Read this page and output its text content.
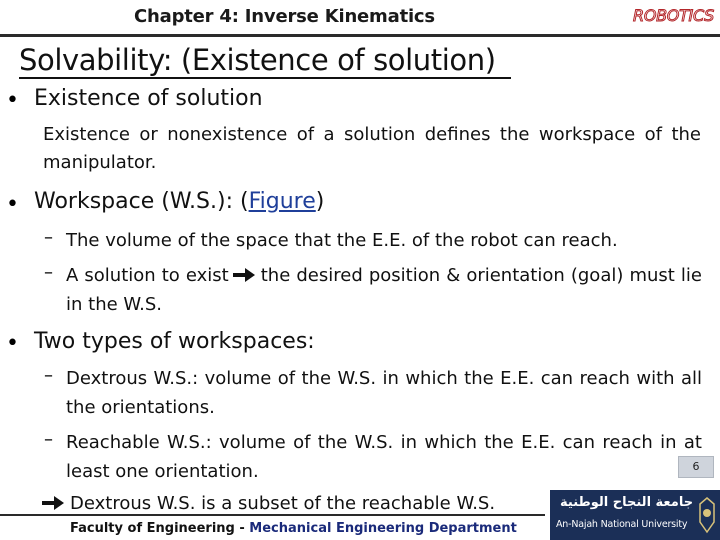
Chapter 4: Inverse Kinematics	ROBOTICS
Solvability: (Existence of solution)
• Existence of solution
Existence or nonexistence of a solution defines the workspace of the manipulator.
• Workspace (W.S.): (Figure)
– The volume of the space that the E.E. of the robot can reach.
– A solution to exist the desired position & orientation (goal) must lie in the W.S.
• Two types of workspaces:
– Dextrous W.S.: volume of the W.S. in which the E.E. can reach with all the orientations.
– Reachable W.S.: volume of the W.S. in which the E.E. can reach in at least one orientation.
Dextrous W.S. is a subset of the reachable W.S.
6
Faculty of Engineering - Mechanical Engineering Department
جامعة النجاح الوطنية
An-Najah National University
